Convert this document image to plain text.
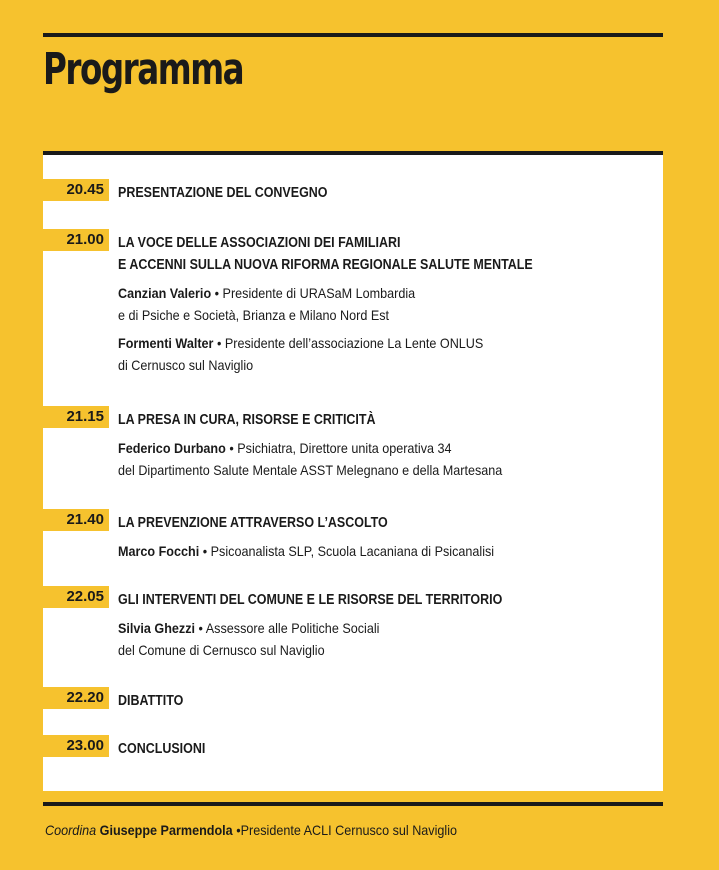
Programma
20.45 PRESENTAZIONE DEL CONVEGNO
21.00 LA VOCE DELLE ASSOCIAZIONI DEI FAMILIARI
E ACCENNI SULLA NUOVA RIFORMA REGIONALE SALUTE MENTALE
Canzian Valerio • Presidente di URASaM Lombardia
e di Psiche e Società, Brianza e Milano Nord Est
Formenti Walter • Presidente dell’associazione La Lente ONLUS
di Cernusco sul Naviglio
21.15 LA PRESA IN CURA, RISORSE E CRITICITÀ
Federico Durbano • Psichiatra, Direttore unita operativa 34
del Dipartimento Salute Mentale ASST Melegnano e della Martesana
21.40 LA PREVENZIONE ATTRAVERSO L’ASCOLTO
Marco Focchi • Psicoanalista SLP, Scuola Lacaniana di Psicanalisi
22.05 GLI INTERVENTI DEL COMUNE E LE RISORSE DEL TERRITORIO
Silvia Ghezzi • Assessore alle Politiche Sociali
del Comune di Cernusco sul Naviglio
22.20 DIBATTITO
23.00 CONCLUSIONI
Coordina Giuseppe Parmendola •Presidente ACLI Cernusco sul Naviglio
